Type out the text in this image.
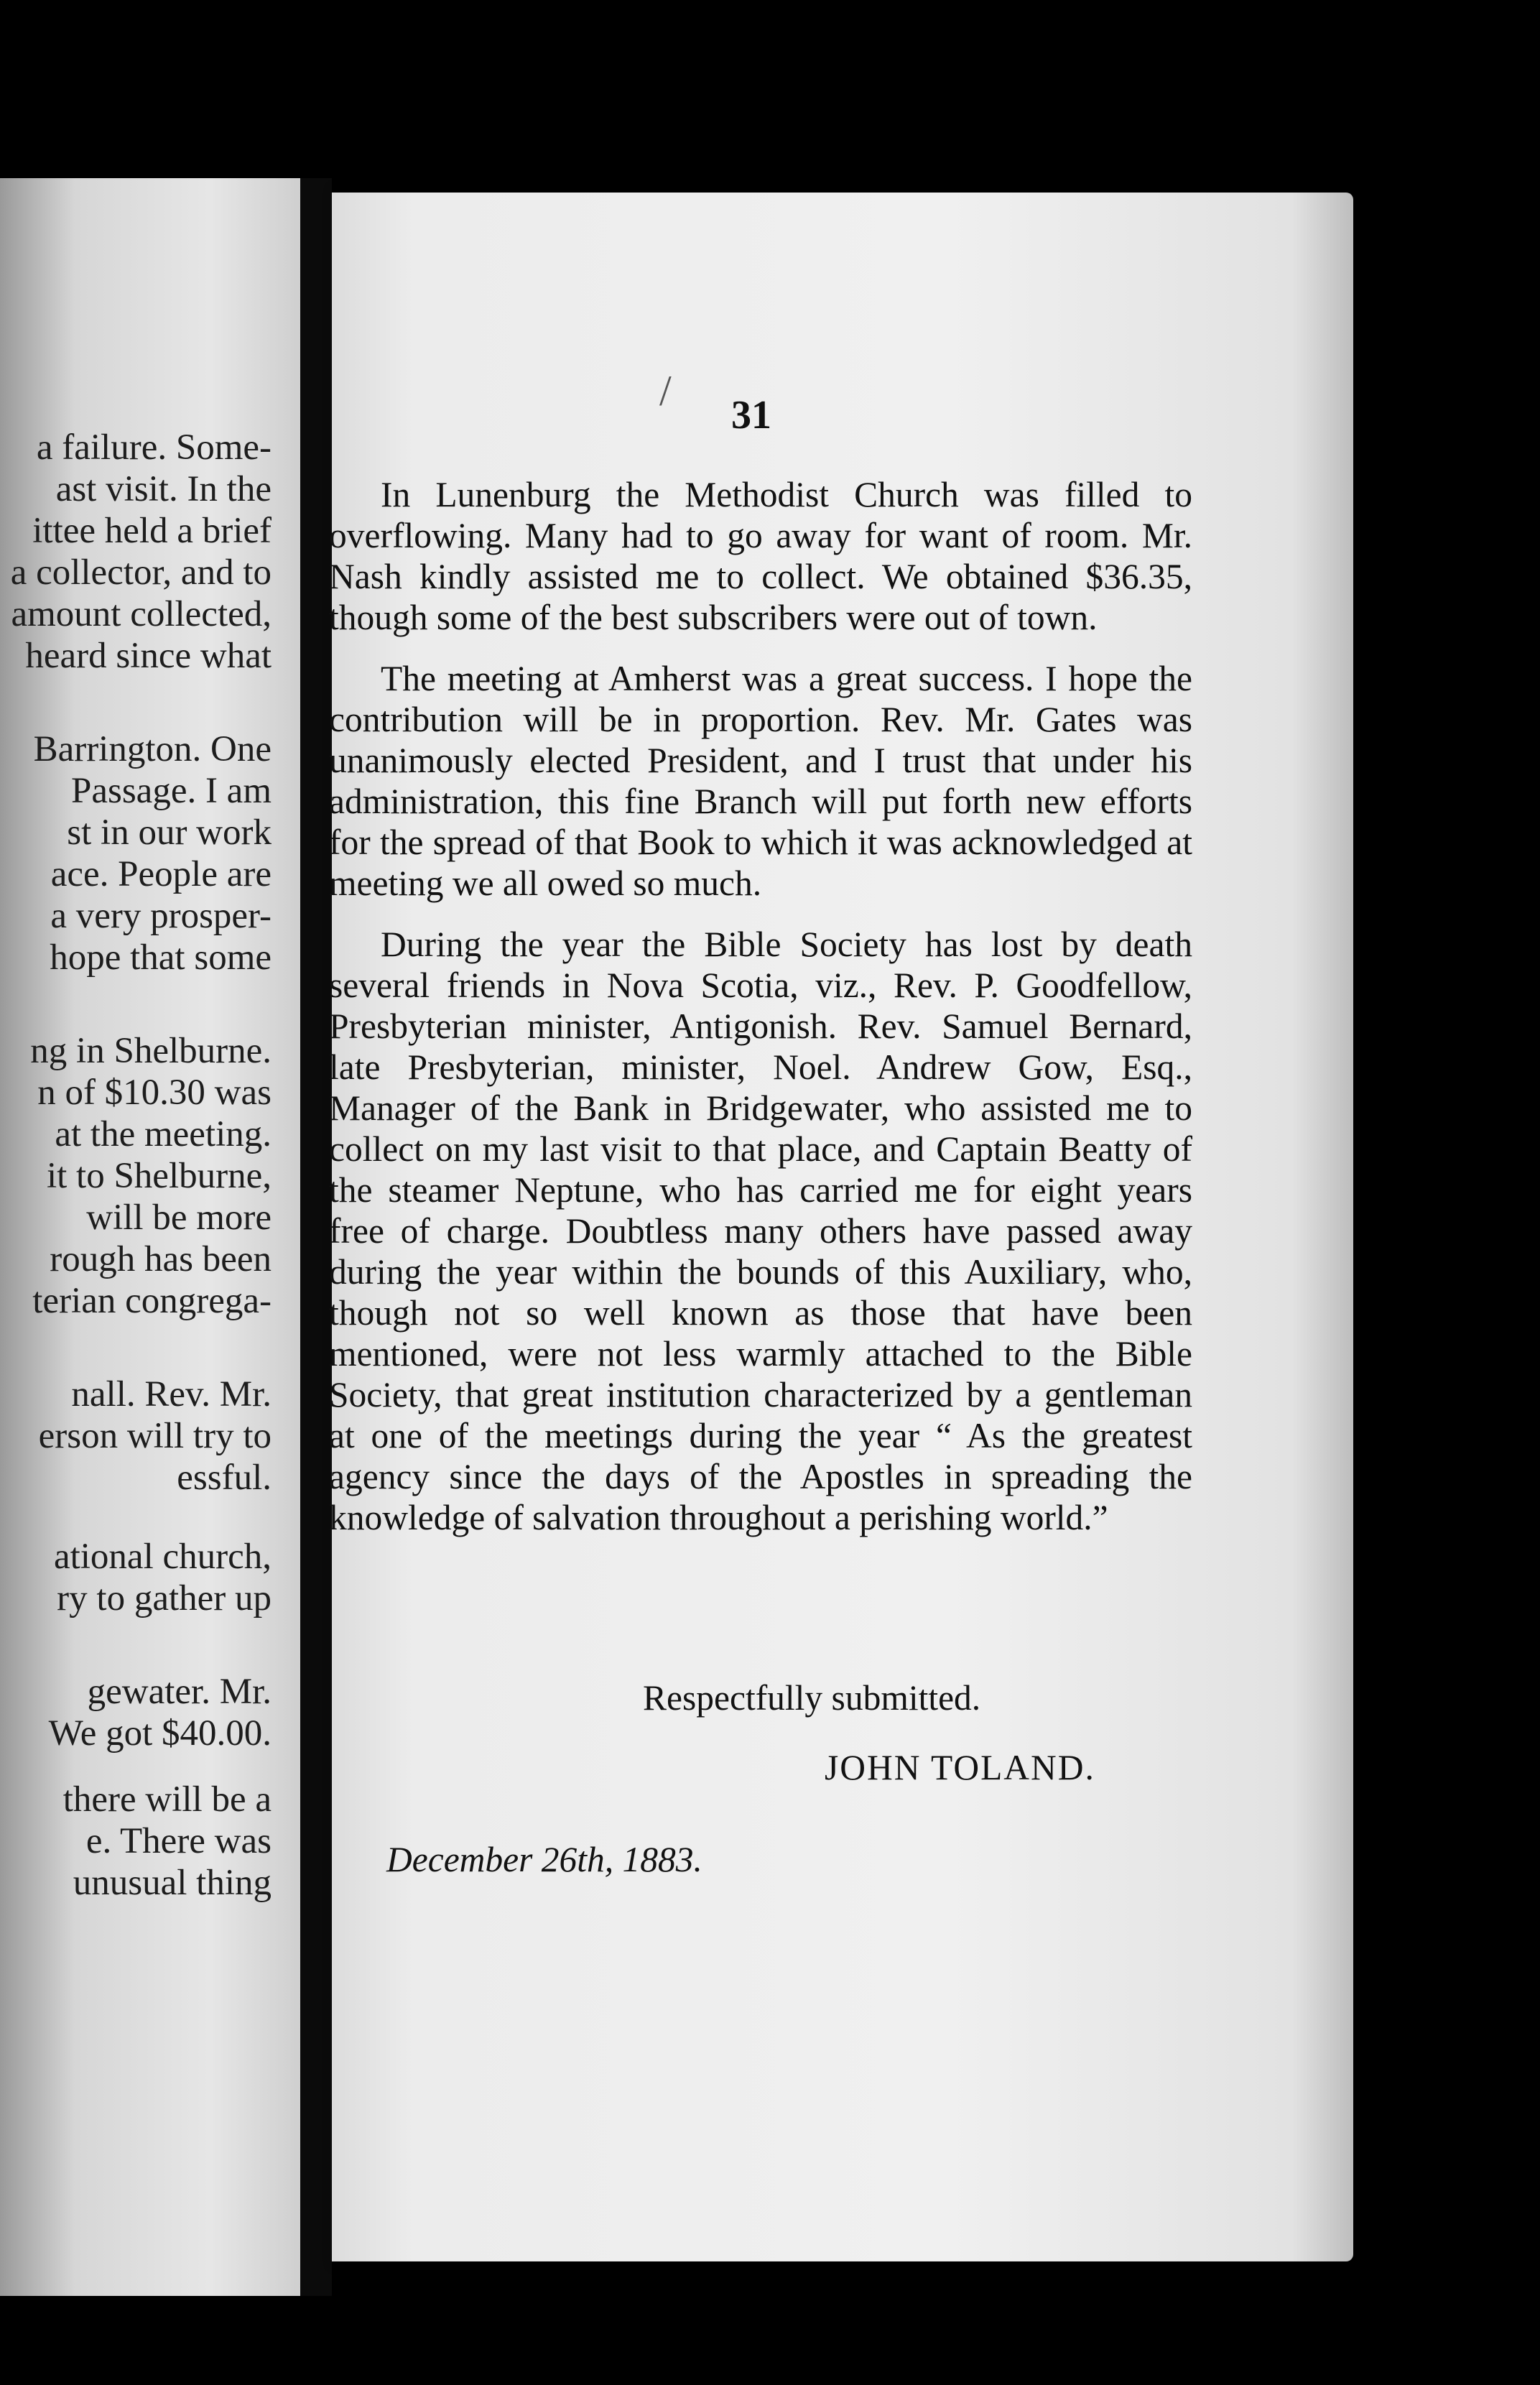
a failure. Some-
ast visit. In the
ittee held a brief
a collector, and to
amount collected,
heard since what
Barrington. One
Passage. I am
st in our work
ace. People are
a very prosper-
hope that some
ng in Shelburne.
n of $10.30 was
at the meeting.
it to Shelburne,
will be more
rough has been
terian congrega-
nall. Rev. Mr.
erson will try to
essful.
ational church,
ry to gather up
gewater. Mr.
We got $40.00.
there will be a
e. There was
unusual thing
/
31

In Lunenburg the Methodist Church was filled to overflowing. Many had to go away for want of room. Mr. Nash kindly assisted me to collect. We obtained $36.35, though some of the best subscribers were out of town.

The meeting at Amherst was a great success. I hope the contribution will be in proportion. Rev. Mr. Gates was unanimously elected President, and I trust that under his administration, this fine Branch will put forth new efforts for the spread of that Book to which it was acknowledged at meeting we all owed so much.

During the year the Bible Society has lost by death several friends in Nova Scotia, viz., Rev. P. Goodfellow, Presbyterian minister, Antigonish. Rev. Samuel Bernard, late Presbyterian, minister, Noel. Andrew Gow, Esq., Manager of the Bank in Bridgewater, who assisted me to collect on my last visit to that place, and Captain Beatty of the steamer Neptune, who has carried me for eight years free of charge. Doubtless many others have passed away during the year within the bounds of this Auxiliary, who, though not so well known as those that have been mentioned, were not less warmly attached to the Bible Society, that great institution characterized by a gentleman at one of the meetings during the year “ As the greatest agency since the days of the Apostles in spreading the knowledge of salvation throughout a perishing world.”

Respectfully submitted.
JOHN TOLAND.
December 26th, 1883.
